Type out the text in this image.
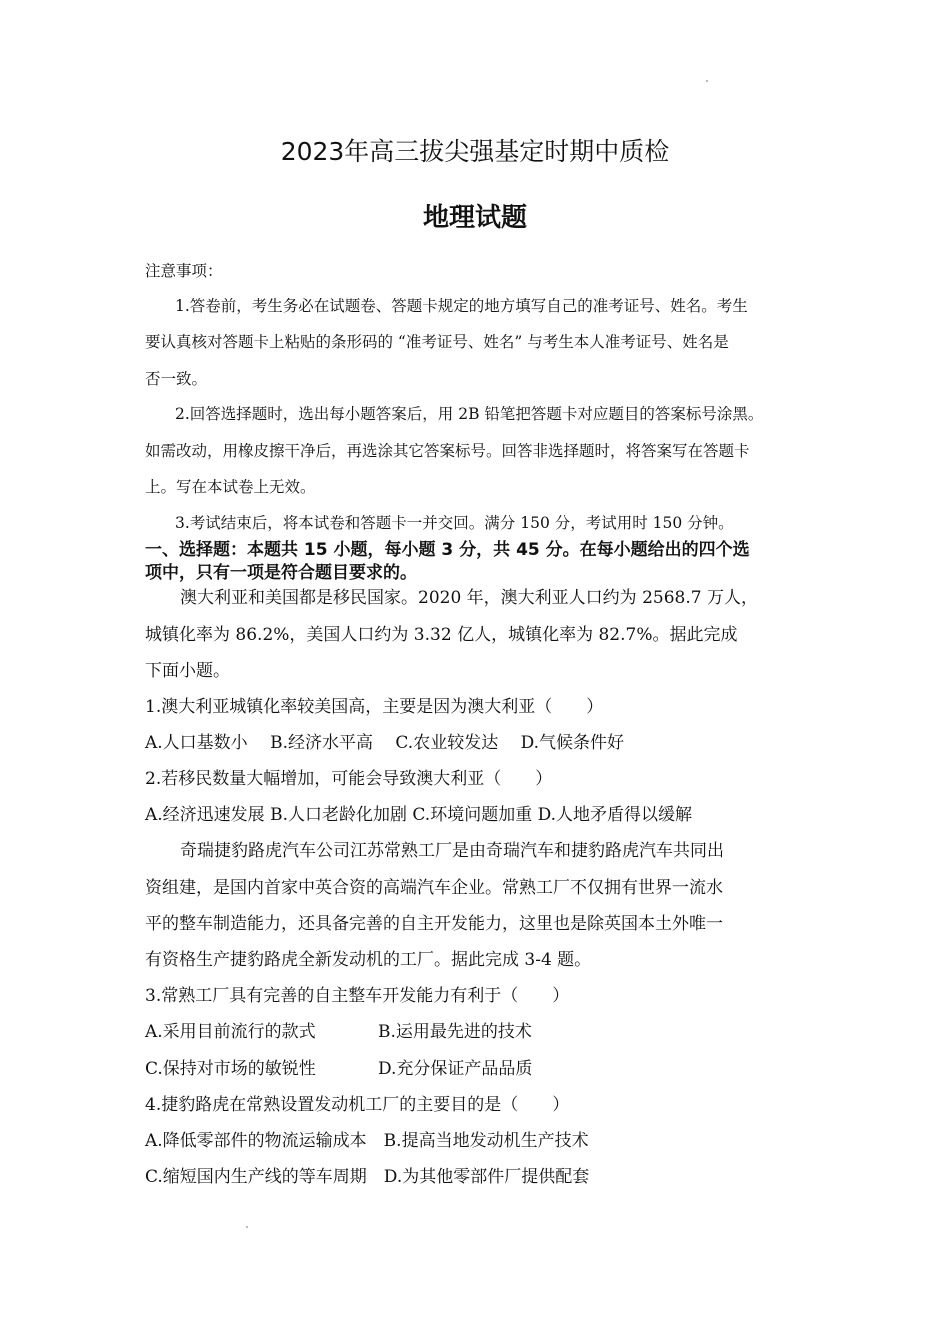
2023年高三拔尖强基定时期中质检
地理试题
注意事项：
1.答卷前，考生务必在试题卷、答题卡规定的地方填写自己的准考证号、姓名。考生
要认真核对答题卡上粘贴的条形码的 “准考证号、姓名” 与考生本人准考证号、姓名是
否一致。
2.回答选择题时，选出每小题答案后，用 2B 铅笔把答题卡对应题目的答案标号涂黑。
如需改动，用橡皮擦干净后，再选涂其它答案标号。回答非选择题时，将答案写在答题卡
上。写在本试卷上无效。
3.考试结束后，将本试卷和答题卡一并交回。满分 150 分，考试用时 150 分钟。
一、选择题：本题共 15 小题，每小题 3 分，共 45 分。在每小题给出的四个选
项中，只有一项是符合题目要求的。
澳大利亚和美国都是移民国家。2020 年，澳大利亚人口约为 2568.7 万人，
城镇化率为 86.2%，美国人口约为 3.32 亿人，城镇化率为 82.7%。据此完成
下面小题。
1.澳大利亚城镇化率较美国高，主要是因为澳大利亚（　　）
A.人口基数小　 B.经济水平高　 C.农业较发达　 D.气候条件好
2.若移民数量大幅增加，可能会导致澳大利亚（　　）
A.经济迅速发展 B.人口老龄化加剧 C.环境问题加重 D.人地矛盾得以缓解
奇瑞捷豹路虎汽车公司江苏常熟工厂是由奇瑞汽车和捷豹路虎汽车共同出
资组建，是国内首家中英合资的高端汽车企业。常熟工厂不仅拥有世界一流水
平的整车制造能力，还具备完善的自主开发能力，这里也是除英国本土外唯一
有资格生产捷豹路虎全新发动机的工厂。据此完成 3-4 题。
3.常熟工厂具有完善的自主整车开发能力有利于（　　）
A.采用目前流行的款式	B.运用最先进的技术
C.保持对市场的敏锐性	D.充分保证产品品质
4.捷豹路虎在常熟设置发动机工厂的主要目的是（　　）
A.降低零部件的物流运输成本　B.提高当地发动机生产技术
C.缩短国内生产线的等车周期　D.为其他零部件厂提供配套
